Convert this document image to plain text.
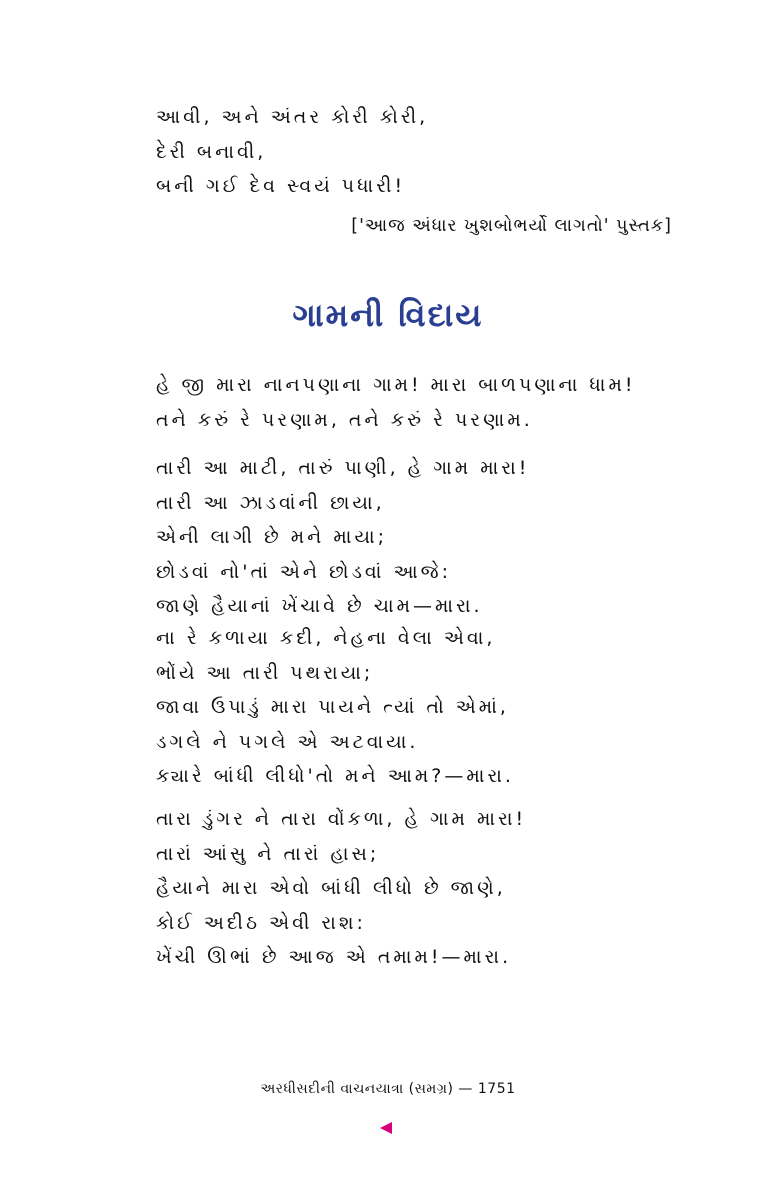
આવી, અને અંતર કોરી કોરી,
દેરી બનાવી,
બની ગઈ દેવ સ્વયં પધારી!
['આજ અંધાર ખુશબોભર્યો લાગતો' પુસ્તક]
ગામની વિદાય
હે જી મારા નાનપણાના ગામ! મારા બાળપણાના ધામ!
તને કરું રે પરણામ, તને કરું રે પરણામ.
તારી આ માટી, તારું પાણી, હે ગામ મારા!
તારી આ ઝાડવાંની છાયા,
એની લાગી છે મને માયા;
છોડવાં નો'તાં એને છોડવાં આજે:
જાણે હૈયાનાં ખેંચાવે છે ચામ—મારા.
ના રે કળાયા કદી, નેહના વેલા એવા,
ભોંયે આ તારી પથરાયા;
જાવા ઉપાડું મારા પાયને ત્યાં તો એમાં,
ડગલે ને પગલે એ અટવાયા.
ક્યારે બાંધી લીધો'તો મને આમ?—મારા.
તારા ડુંગર ને તારા વોંકળા, હે ગામ મારા!
તારાં આંસુ ને તારાં હાસ;
હૈયાને મારા એવો બાંધી લીધો છે જાણે,
કોઈ અદીઠ એવી રાશ:
ખેંચી ઊભાં છે આજ એ તમામ!—મારા.
અરધીસદીની વાચનયાત્રા (સમગ્ર) — 1751
